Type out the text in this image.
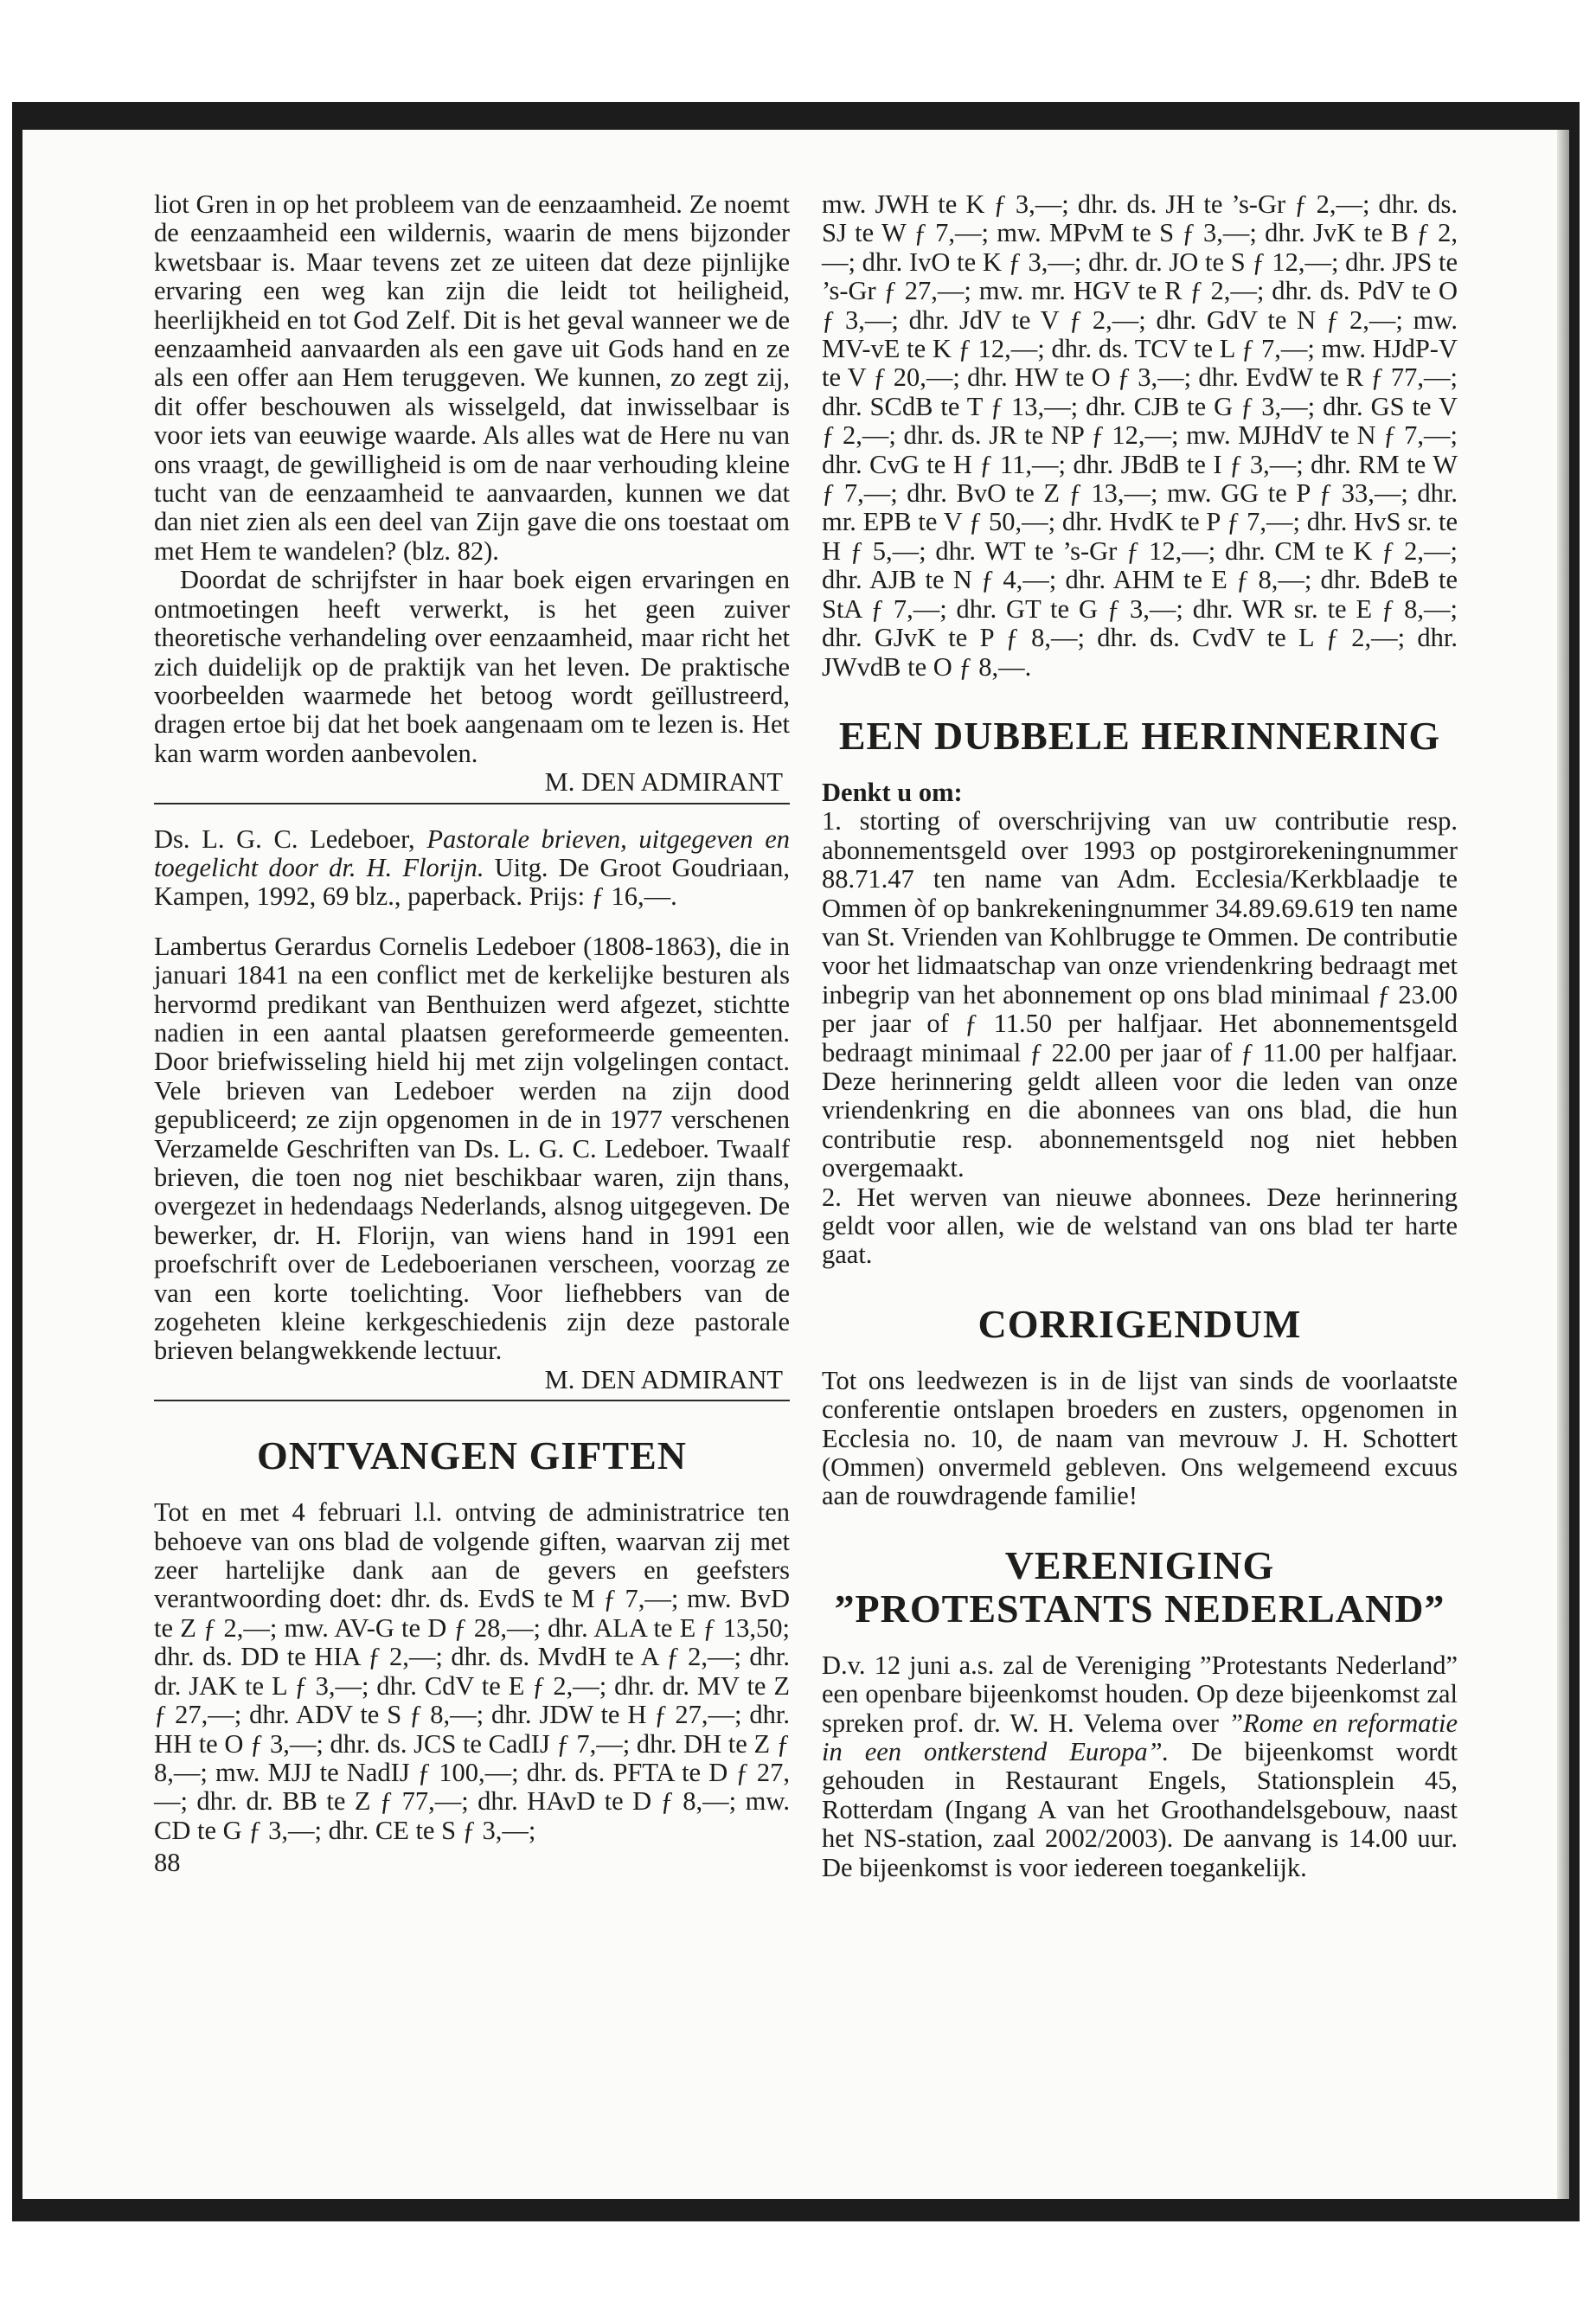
liot Gren in op het probleem van de eenzaamheid. Ze noemt de eenzaamheid een wildernis, waarin de mens bijzonder kwetsbaar is. Maar tevens zet ze uiteen dat deze pijnlijke ervaring een weg kan zijn die leidt tot heiligheid, heerlijkheid en tot God Zelf. Dit is het geval wanneer we de eenzaamheid aanvaarden als een gave uit Gods hand en ze als een offer aan Hem teruggeven. We kunnen, zo zegt zij, dit offer beschouwen als wisselgeld, dat inwisselbaar is voor iets van eeuwige waarde. Als alles wat de Here nu van ons vraagt, de gewilligheid is om de naar verhouding kleine tucht van de eenzaamheid te aanvaarden, kunnen we dat dan niet zien als een deel van Zijn gave die ons toestaat om met Hem te wandelen? (blz. 82).

Doordat de schrijfster in haar boek eigen ervaringen en ontmoetingen heeft verwerkt, is het geen zuiver theoretische verhandeling over eenzaamheid, maar richt het zich duidelijk op de praktijk van het leven. De praktische voorbeelden waarmede het betoog wordt geïllustreerd, dragen ertoe bij dat het boek aangenaam om te lezen is. Het kan warm worden aanbevolen.

M. DEN ADMIRANT

Ds. L. G. C. Ledeboer, Pastorale brieven, uitgegeven en toegelicht door dr. H. Florijn. Uitg. De Groot Goudriaan, Kampen, 1992, 69 blz., paperback. Prijs: ƒ 16,—.

Lambertus Gerardus Cornelis Ledeboer (1808-1863), die in januari 1841 na een conflict met de kerkelijke besturen als hervormd predikant van Benthuizen werd afgezet, stichtte nadien in een aantal plaatsen gereformeerde gemeenten. Door briefwisseling hield hij met zijn volgelingen contact. Vele brieven van Ledeboer werden na zijn dood gepubliceerd; ze zijn opgenomen in de in 1977 verschenen Verzamelde Geschriften van Ds. L. G. C. Ledeboer. Twaalf brieven, die toen nog niet beschikbaar waren, zijn thans, overgezet in hedendaags Nederlands, alsnog uitgegeven. De bewerker, dr. H. Florijn, van wiens hand in 1991 een proefschrift over de Ledeboerianen verscheen, voorzag ze van een korte toelichting. Voor liefhebbers van de zogeheten kleine kerkgeschiedenis zijn deze pastorale brieven belangwekkende lectuur.

M. DEN ADMIRANT

ONTVANGEN GIFTEN

Tot en met 4 februari l.l. ontving de administratrice ten behoeve van ons blad de volgende giften, waarvan zij met zeer hartelijke dank aan de gevers en geefsters verantwoording doet: dhr. ds. EvdS te M ƒ 7,—; mw. BvD te Z ƒ 2,—; mw. AV-G te D ƒ 28,—; dhr. ALA te E ƒ 13,50; dhr. ds. DD te HIA ƒ 2,—; dhr. ds. MvdH te A ƒ 2,—; dhr. dr. JAK te L ƒ 3,—; dhr. CdV te E ƒ 2,—; dhr. dr. MV te Z ƒ 27,—; dhr. ADV te S ƒ 8,—; dhr. JDW te H ƒ 27,—; dhr. HH te O ƒ 3,—; dhr. ds. JCS te CadIJ ƒ 7,—; dhr. DH te Z ƒ 8,—; mw. MJJ te NadIJ ƒ 100,—; dhr. ds. PFTA te D ƒ 27,—; dhr. dr. BB te Z ƒ 77,—; dhr. HAvD te D ƒ 8,—; mw. CD te G ƒ 3,—; dhr. CE te S ƒ 3,—;

88

mw. JWH te K ƒ 3,—; dhr. ds. JH te ’s-Gr ƒ 2,—; dhr. ds. SJ te W ƒ 7,—; mw. MPvM te S ƒ 3,—; dhr. JvK te B ƒ 2,—; dhr. IvO te K ƒ 3,—; dhr. dr. JO te S ƒ 12,—; dhr. JPS te ’s-Gr ƒ 27,—; mw. mr. HGV te R ƒ 2,—; dhr. ds. PdV te O ƒ 3,—; dhr. JdV te V ƒ 2,—; dhr. GdV te N ƒ 2,—; mw. MV-vE te K ƒ 12,—; dhr. ds. TCV te L ƒ 7,—; mw. HJdP-V te V ƒ 20,—; dhr. HW te O ƒ 3,—; dhr. EvdW te R ƒ 77,—; dhr. SCdB te T ƒ 13,—; dhr. CJB te G ƒ 3,—; dhr. GS te V ƒ 2,—; dhr. ds. JR te NP ƒ 12,—; mw. MJHdV te N ƒ 7,—; dhr. CvG te H ƒ 11,—; dhr. JBdB te I ƒ 3,—; dhr. RM te W ƒ 7,—; dhr. BvO te Z ƒ 13,—; mw. GG te P ƒ 33,—; dhr. mr. EPB te V ƒ 50,—; dhr. HvdK te P ƒ 7,—; dhr. HvS sr. te H ƒ 5,—; dhr. WT te ’s-Gr ƒ 12,—; dhr. CM te K ƒ 2,—; dhr. AJB te N ƒ 4,—; dhr. AHM te E ƒ 8,—; dhr. BdeB te StA ƒ 7,—; dhr. GT te G ƒ 3,—; dhr. WR sr. te E ƒ 8,—; dhr. GJvK te P ƒ 8,—; dhr. ds. CvdV te L ƒ 2,—; dhr. JWvdB te O ƒ 8,—.

EEN DUBBELE HERINNERING

Denkt u om:

1. storting of overschrijving van uw contributie resp. abonnementsgeld over 1993 op postgirorekeningnummer 88.71.47 ten name van Adm. Ecclesia/Kerkblaadje te Ommen òf op bankrekeningnummer 34.89.69.619 ten name van St. Vrienden van Kohlbrugge te Ommen. De contributie voor het lidmaatschap van onze vriendenkring bedraagt met inbegrip van het abonnement op ons blad minimaal ƒ 23.00 per jaar of ƒ 11.50 per halfjaar. Het abonnementsgeld bedraagt minimaal ƒ 22.00 per jaar of ƒ 11.00 per halfjaar. Deze herinnering geldt alleen voor die leden van onze vriendenkring en die abonnees van ons blad, die hun contributie resp. abonnementsgeld nog niet hebben overgemaakt.

2. Het werven van nieuwe abonnees. Deze herinnering geldt voor allen, wie de welstand van ons blad ter harte gaat.

CORRIGENDUM

Tot ons leedwezen is in de lijst van sinds de voorlaatste conferentie ontslapen broeders en zusters, opgenomen in Ecclesia no. 10, de naam van mevrouw J. H. Schottert (Ommen) onvermeld gebleven. Ons welgemeend excuus aan de rouwdragende familie!

VERENIGING
”PROTESTANTS NEDERLAND”

D.v. 12 juni a.s. zal de Vereniging ”Protestants Nederland” een openbare bijeenkomst houden. Op deze bijeenkomst zal spreken prof. dr. W. H. Velema over ”Rome en reformatie in een ontkerstend Europa”. De bijeenkomst wordt gehouden in Restaurant Engels, Stationsplein 45, Rotterdam (Ingang A van het Groothandelsgebouw, naast het NS-station, zaal 2002/2003). De aanvang is 14.00 uur. De bijeenkomst is voor iedereen toegankelijk.
